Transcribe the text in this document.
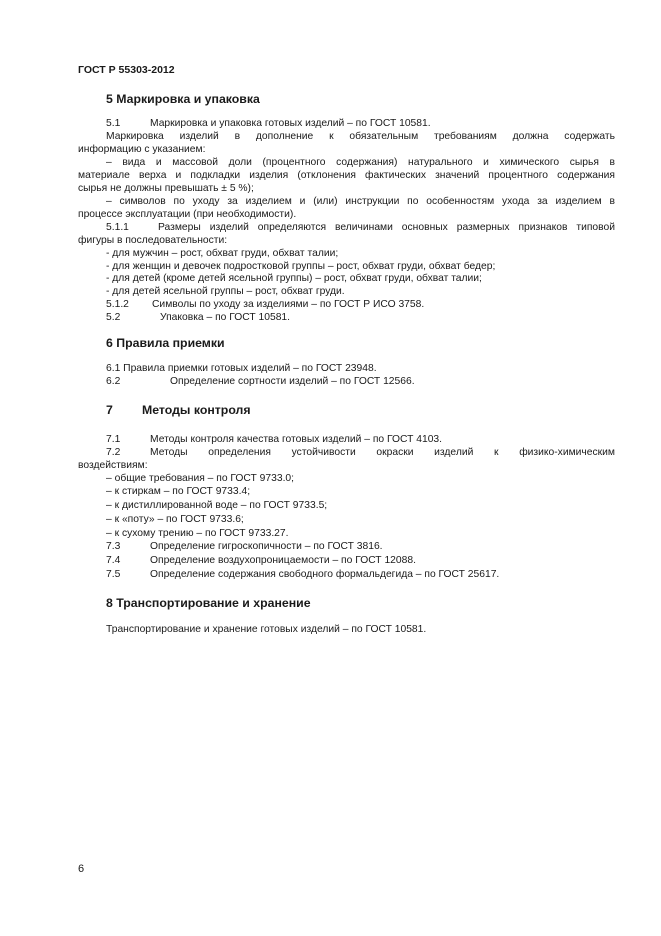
ГОСТ Р 55303-2012
5 Маркировка и упаковка
5.1	Маркировка и упаковка готовых изделий – по ГОСТ 10581.
Маркировка изделий в дополнение к обязательным требованиям должна содержать
информацию с указанием:
– вида и массовой доли (процентного содержания) натурального и химического сырья в
материале верха и подкладки изделия (отклонения фактических значений процентного содержания
сырья не должны превышать ± 5 %);
– символов по уходу за изделием и (или) инструкции по особенностям ухода за изделием в
процессе эксплуатации (при необходимости).
5.1.1	Размеры изделий определяются величинами основных размерных признаков типовой
фигуры в последовательности:
- для мужчин – рост, обхват груди, обхват талии;
- для женщин и девочек подростковой группы – рост, обхват груди, обхват бедер;
- для детей (кроме детей ясельной группы) – рост, обхват груди, обхват талии;
- для детей ясельной группы – рост, обхват груди.
5.1.2 Символы по уходу за изделиями – по ГОСТ Р ИСО 3758.
5.2	Упаковка – по ГОСТ 10581.
6 Правила приемки
6.1 Правила приемки готовых изделий – по ГОСТ 23948.
6.2	Определение сортности изделий – по ГОСТ 12566.
7 Методы контроля
7.1	Методы контроля качества готовых изделий – по ГОСТ 4103.
7.2	Методы определения устойчивости окраски изделий к физико-химическим
воздействиям:
– общие требования – по ГОСТ 9733.0;
– к стиркам – по ГОСТ 9733.4;
– к дистиллированной воде – по ГОСТ 9733.5;
– к «поту» – по ГОСТ 9733.6;
– к сухому трению – по ГОСТ 9733.27.
7.3	Определение гигроскопичности – по ГОСТ 3816.
7.4	Определение воздухопроницаемости – по ГОСТ 12088.
7.5	Определение содержания свободного формальдегида – по ГОСТ 25617.
8 Транспортирование и хранение
Транспортирование и хранение готовых изделий – по ГОСТ 10581.
6
